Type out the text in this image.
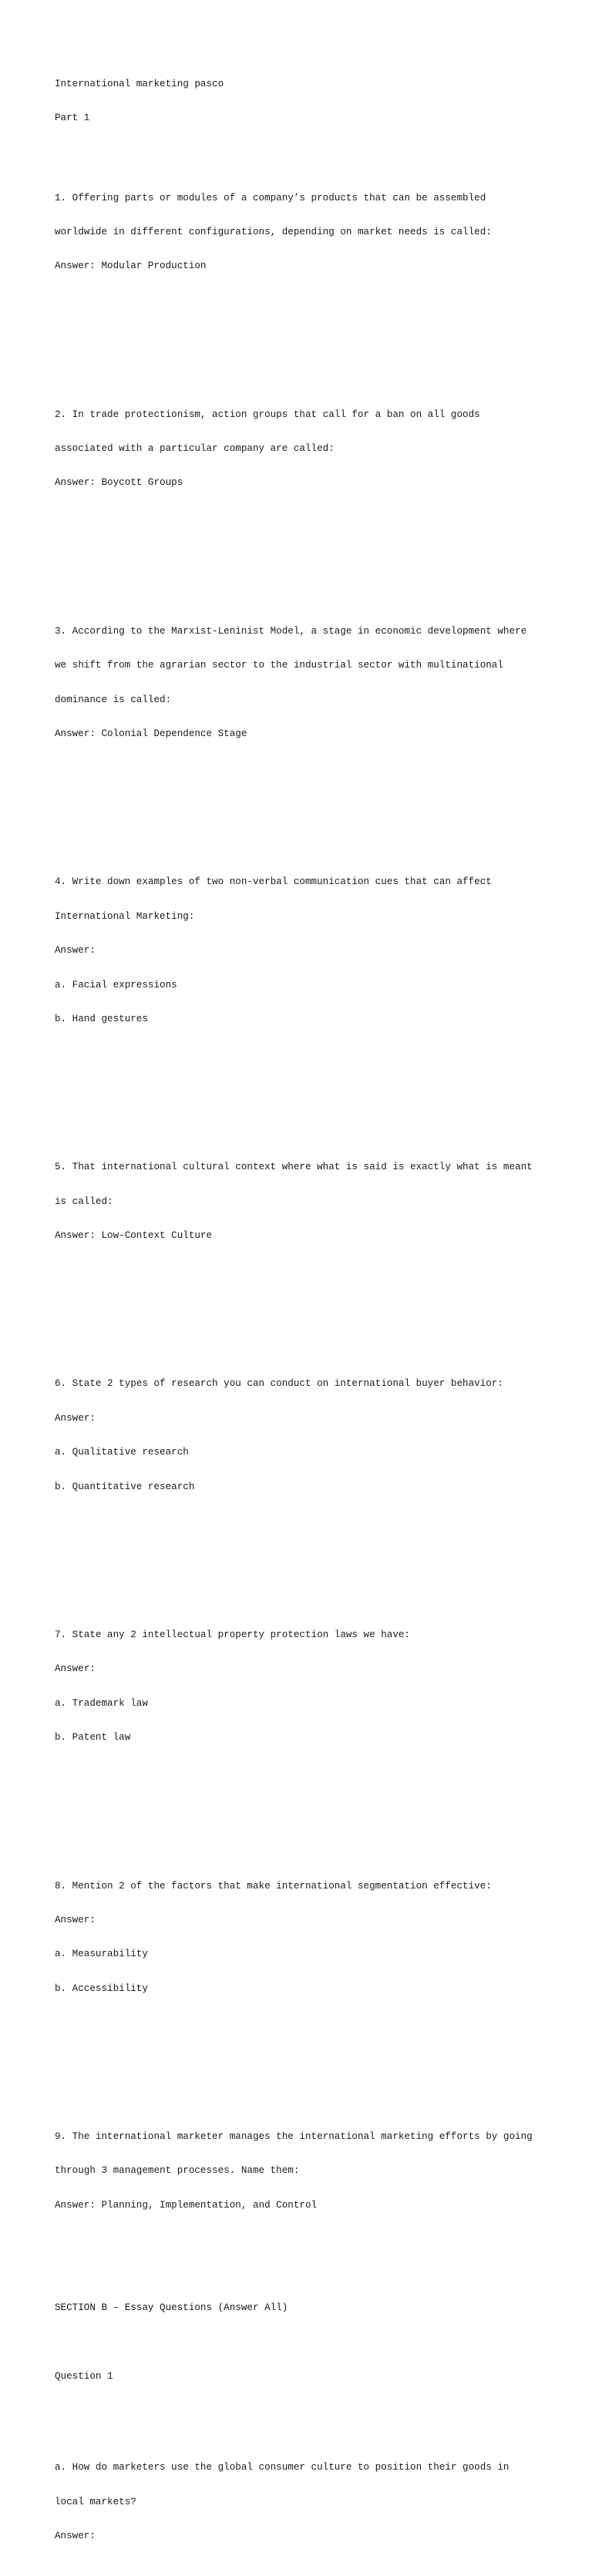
International marketing pasco

Part 1

1. Offering parts or modules of a company’s products that can be assembled

worldwide in different configurations, depending on market needs is called:

Answer: Modular Production

2. In trade protectionism, action groups that call for a ban on all goods

associated with a particular company are called:

Answer: Boycott Groups

3. According to the Marxist-Leninist Model, a stage in economic development where

we shift from the agrarian sector to the industrial sector with multinational

dominance is called:

Answer: Colonial Dependence Stage

4. Write down examples of two non-verbal communication cues that can affect

International Marketing:

Answer:

a. Facial expressions

b. Hand gestures

5. That international cultural context where what is said is exactly what is meant

is called:

Answer: Low-Context Culture

6. State 2 types of research you can conduct on international buyer behavior:

Answer:

a. Qualitative research

b. Quantitative research

7. State any 2 intellectual property protection laws we have:

Answer:

a. Trademark law

b. Patent law

8. Mention 2 of the factors that make international segmentation effective:

Answer:

a. Measurability

b. Accessibility

9. The international marketer manages the international marketing efforts by going

through 3 management processes. Name them:

Answer: Planning, Implementation, and Control

SECTION B – Essay Questions (Answer All)

Question 1

a. How do marketers use the global consumer culture to position their goods in

local markets?

Answer:
